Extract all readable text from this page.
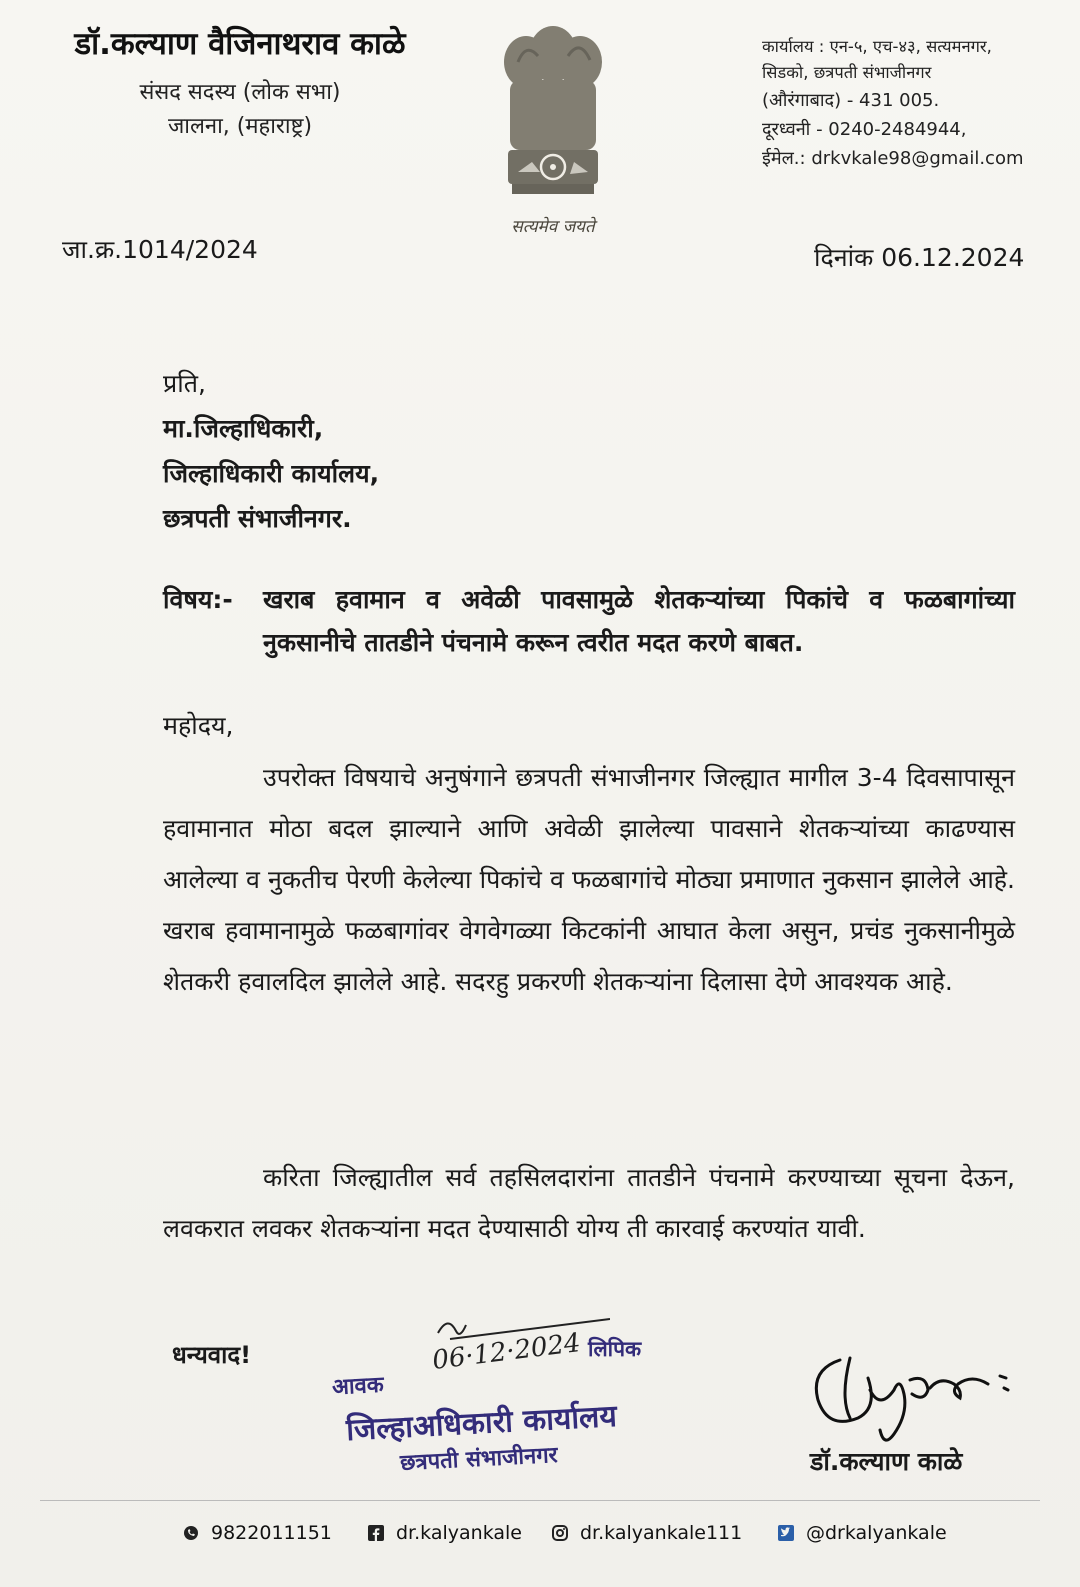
डॉ.कल्याण वैजिनाथराव काळे
संसद सदस्य (लोक सभा)
जालना, (महाराष्ट्र)
सत्यमेव जयते
कार्यालय : एन-५, एच-४३, सत्यमनगर,
सिडको, छत्रपती संभाजीनगर
(औरंगाबाद) - 431 005.
दूरध्वनी - 0240-2484944,
ईमेल.: drkvkale98@gmail.com
जा.क्र.1014/2024	दिनांक 06.12.2024
प्रति,
मा.जिल्हाधिकारी,
जिल्हाधिकारी कार्यालय,
छत्रपती संभाजीनगर.
विषय:- खराब हवामान व अवेळी पावसामुळे शेतकऱ्यांच्या पिकांचे व फळबागांच्या नुकसानीचे तातडीने पंचनामे करून त्वरीत मदत करणे बाबत.
महोदय,

उपरोक्त विषयाचे अनुषंगाने छत्रपती संभाजीनगर जिल्ह्यात मागील 3-4 दिवसापासून हवामानात मोठा बदल झाल्याने आणि अवेळी झालेल्या पावसाने शेतकऱ्यांच्या काढण्यास आलेल्या व नुकतीच पेरणी केलेल्या पिकांचे व फळबागांचे मोठ्या प्रमाणात नुकसान झालेले आहे. खराब हवामानामुळे फळबागांवर वेगवेगळ्या किटकांनी आघात केला असुन, प्रचंड नुकसानीमुळे शेतकरी हवालदिल झालेले आहे. सदरहु प्रकरणी शेतकऱ्यांना दिलासा देणे आवश्यक आहे.

करिता जिल्ह्यातील सर्व तहसिलदारांना तातडीने पंचनामे करण्याच्या सूचना देऊन, लवकरात लवकर शेतकऱ्यांना मदत देण्यासाठी योग्य ती कारवाई करण्यांत यावी.

धन्यवाद!	06·12·2024 लिपिक
आवक
जिल्हाअधिकारी कार्यालय
छत्रपती संभाजीनगर	डॉ.कल्याण काळे
9822011151	dr.kalyankale	dr.kalyankale111	@drkalyankale
